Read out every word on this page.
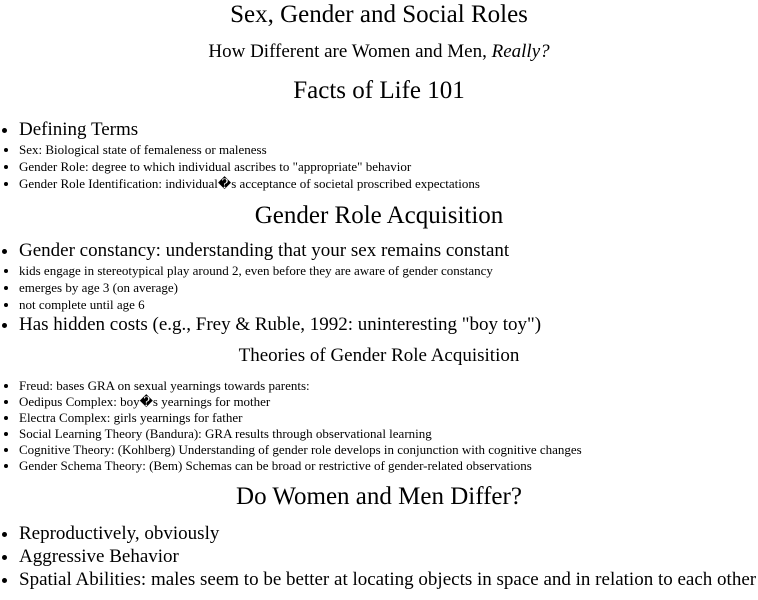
Sex, Gender and Social Roles
How Different are Women and Men, Really?
Facts of Life 101
• Defining Terms
• Sex: Biological state of femaleness or maleness
• Gender Role: degree to which individual ascribes to "appropriate" behavior
• Gender Role Identification: individual�s acceptance of societal proscribed expectations
Gender Role Acquisition
• Gender constancy: understanding that your sex remains constant
• kids engage in stereotypical play around 2, even before they are aware of gender constancy
• emerges by age 3 (on average)
• not complete until age 6
• Has hidden costs (e.g., Frey & Ruble, 1992: uninteresting "boy toy")
Theories of Gender Role Acquisition
• Freud: bases GRA on sexual yearnings towards parents:
• Oedipus Complex: boy�s yearnings for mother
• Electra Complex: girls yearnings for father
• Social Learning Theory (Bandura): GRA results through observational learning
• Cognitive Theory: (Kohlberg) Understanding of gender role develops in conjunction with cognitive changes
• Gender Schema Theory: (Bem) Schemas can be broad or restrictive of gender-related observations
Do Women and Men Differ?
• Reproductively, obviously
• Aggressive Behavior
• Spatial Abilities: males seem to be better at locating objects in space and in relation to each other
